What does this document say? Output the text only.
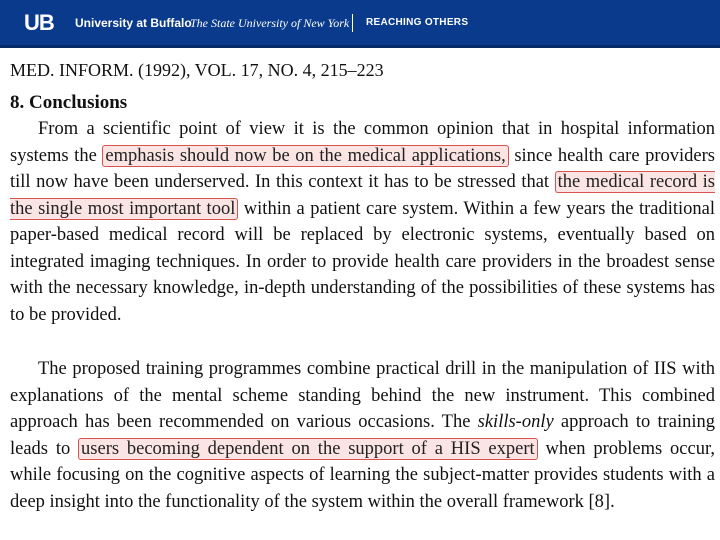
UB University at Buffalo
The State University of New York REACHING OTHERS
MED. INFORM. (1992), VOL. 17, NO. 4, 215–223
8. Conclusions

From a scientific point of view it is the common opinion that in hospital information systems the emphasis should now be on the medical applications, since health care providers till now have been underserved. In this context it has to be stressed that the medical record is the single most important tool within a patient care system. Within a few years the traditional paper-based medical record will be replaced by electronic systems, eventually based on integrated imaging techniques. In order to provide health care providers in the broadest sense with the necessary knowledge, in-depth understanding of the possibilities of these systems has to be provided.

The proposed training programmes combine practical drill in the manipulation of IIS with explanations of the mental scheme standing behind the new instrument. This combined approach has been recommended on various occasions. The skills-only approach to training leads to users becoming dependent on the support of a HIS expert when problems occur, while focusing on the cognitive aspects of learning the subject-matter provides students with a deep insight into the functionality of the system within the overall framework [8].
